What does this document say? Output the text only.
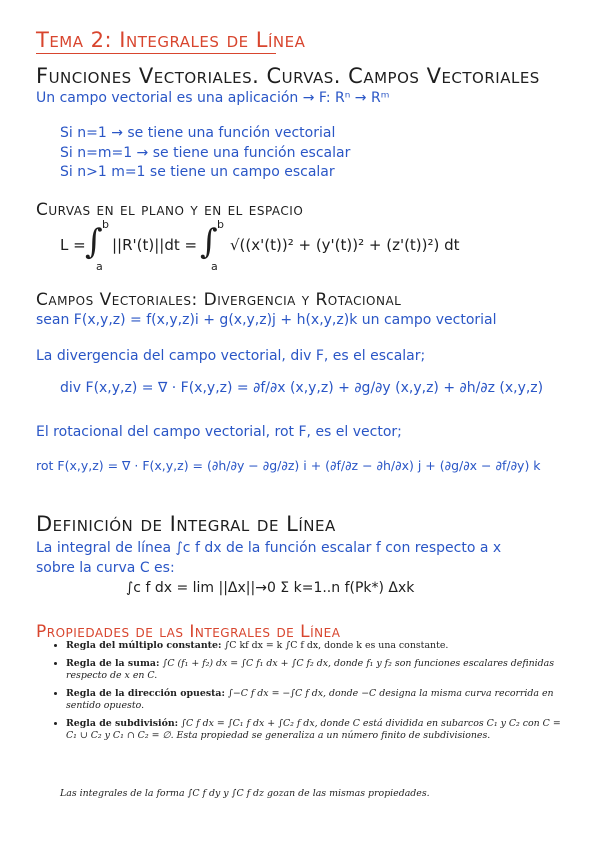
Tema 2: Integrales de Línea
Funciones Vectoriales. Curvas. Campos Vectoriales
Un campo vectorial es una aplicación → F: Rⁿ → Rᵐ
Si n=1 → se tiene una función vectorial
Si n=m=1 → se tiene una función escalar
Si n>1 m=1 se tiene un campo escalar
Curvas en el plano y en el espacio
L = ∫ b
a
||R'(t)||dt = ∫ b
a
√((x'(t))² + (y'(t))² + (z'(t))²) dt
Campos Vectoriales: Divergencia y Rotacional
sean F(x,y,z) = f(x,y,z)i + g(x,y,z)j + h(x,y,z)k un campo vectorial
La divergencia del campo vectorial, div F, es el escalar;
div F(x,y,z) = ∇ · F(x,y,z) = ∂f/∂x (x,y,z) + ∂g/∂y (x,y,z) + ∂h/∂z (x,y,z)
El rotacional del campo vectorial, rot F, es el vector;
rot F(x,y,z) = ∇ · F(x,y,z) = (∂h/∂y − ∂g/∂z) i + (∂f/∂z − ∂h/∂x) j + (∂g/∂x − ∂f/∂y) k
Definición de Integral de Línea
La integral de línea ∫c f dx de la función escalar f con respecto a x
sobre la curva C es:
∫c f dx = lim ||Δx||→0 Σ k=1..n f(Pk*) Δxk
Propiedades de las Integrales de Línea
• Regla del múltiplo constante: ∫C kf dx = k ∫C f dx, donde k es una constante.
• Regla de la suma: ∫C (f₁ + f₂) dx = ∫C f₁ dx + ∫C f₂ dx, donde f₁ y f₂ son funciones escalares definidas respecto de x en C.
• Regla de la dirección opuesta: ∫−C f dx = −∫C f dx, donde −C designa la misma curva recorrida en sentido opuesto.
• Regla de subdivisión: ∫C f dx = ∫C₁ f dx + ∫C₂ f dx, donde C está dividida en subarcos C₁ y C₂ con C = C₁ ∪ C₂ y C₁ ∩ C₂ = ∅. Esta propiedad se generaliza a un número finito de subdivisiones.
Las integrales de la forma ∫C f dy y ∫C f dz gozan de las mismas propiedades.
